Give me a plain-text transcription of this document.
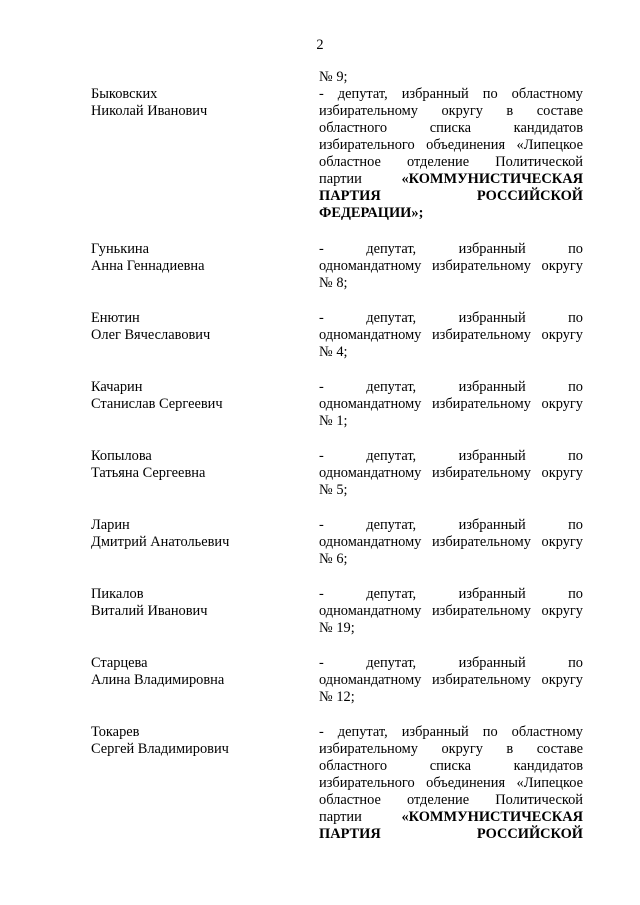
2
Быковских
Николай Иванович
№ 9;
- депутат, избранный по областному
избирательному округу в составе
областного списка кандидатов
избирательного объединения «Липецкое
областное отделение Политической
партии	«КОММУНИСТИЧЕСКАЯ
ПАРТИЯ РОССИЙСКОЙ
ФЕДЕРАЦИИ»;
Гунькина
Анна Геннадиевна
- депутат, избранный по
одномандатному избирательному округу
№ 8;
Енютин
Олег Вячеславович
- депутат, избранный по
одномандатному избирательному округу
№ 4;
Качарин
Станислав Сергеевич
- депутат, избранный по
одномандатному избирательному округу
№ 1;
Копылова
Татьяна Сергеевна
- депутат, избранный по
одномандатному избирательному округу
№ 5;
Ларин
Дмитрий Анатольевич
- депутат, избранный по
одномандатному избирательному округу
№ 6;
Пикалов
Виталий Иванович
- депутат, избранный по
одномандатному избирательному округу
№ 19;
Старцева
Алина Владимировна
- депутат, избранный по
одномандатному избирательному округу
№ 12;
Токарев
Сергей Владимирович
- депутат, избранный по областному
избирательному округу в составе
областного списка кандидатов
избирательного объединения «Липецкое
областное отделение Политической
партии	«КОММУНИСТИЧЕСКАЯ
ПАРТИЯ РОССИЙСКОЙ
